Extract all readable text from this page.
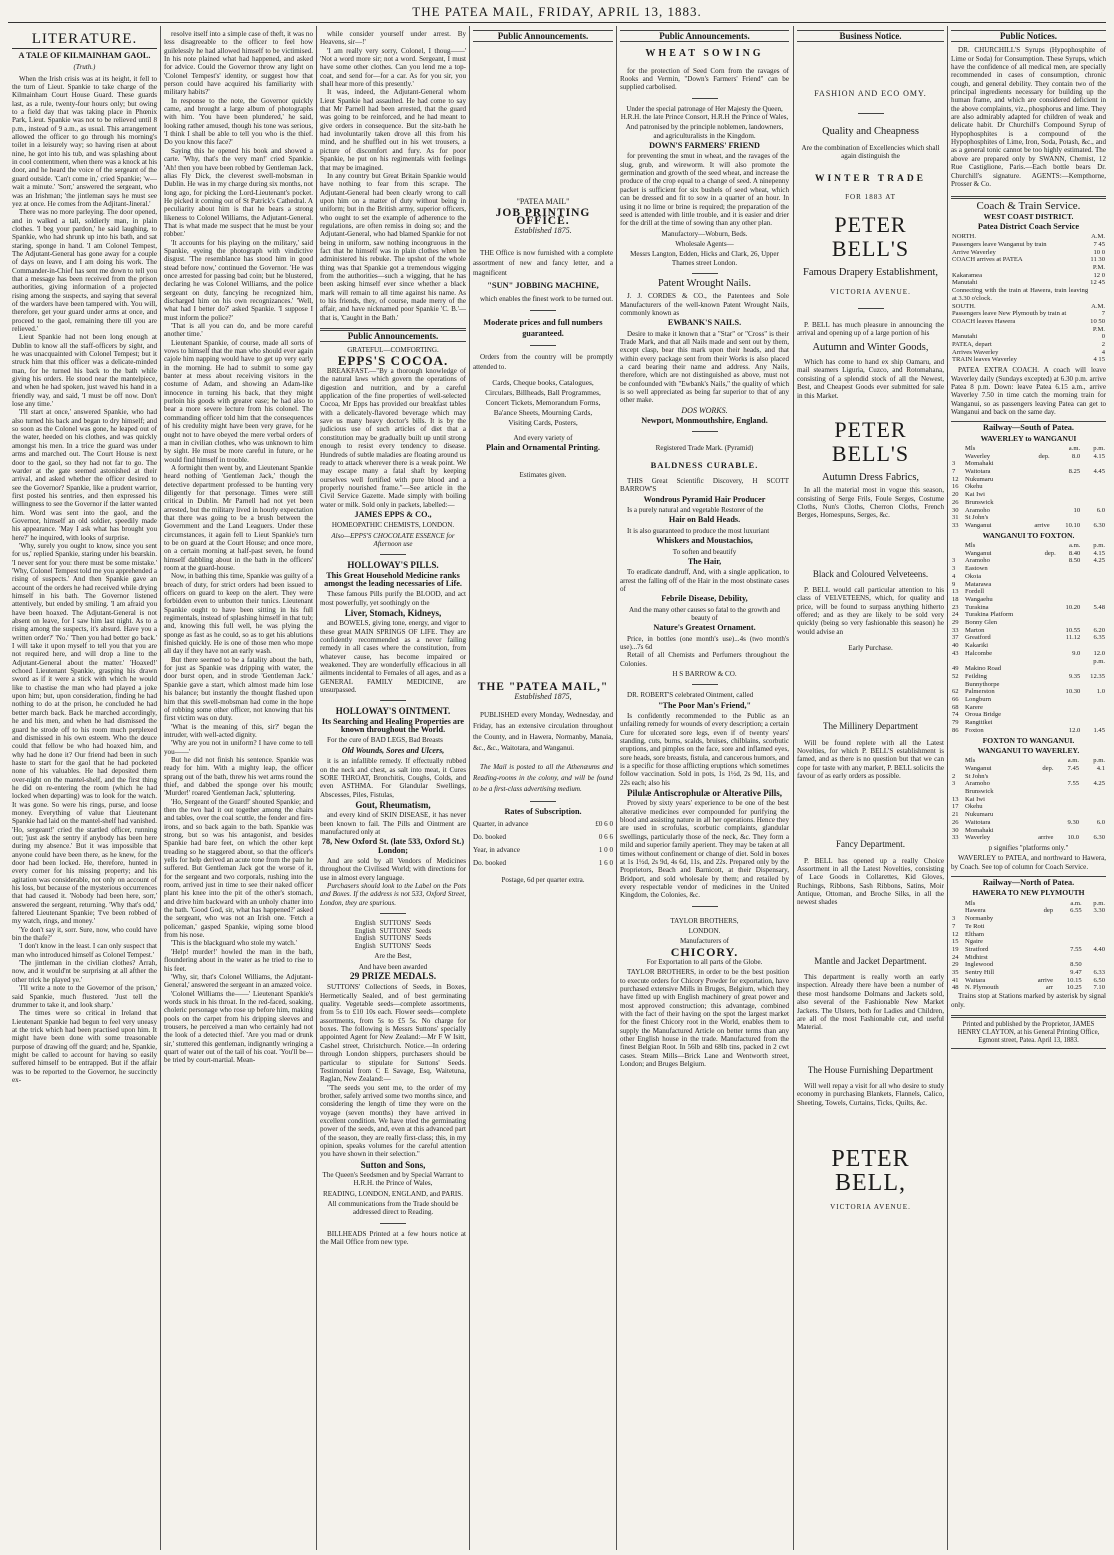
THE PATEA MAIL, FRIDAY, APRIL 13, 1883.
LITERATURE.
A TALE OF KILMAINHAM GAOL.
(Truth.)

When the Irish crisis was at its height, it fell to the turn of Lieut. Spankie to take charge of the Kilmainham Court House Guard. These guards last, as a rule, twenty-four hours only; but owing to a field day that was taking place in Phœnix Park, Lieut. Spankie was not to be relieved until 8 p.m., instead of 9 a.m., as usual. This arrangement allowed the officer to go through his morning's toilet in a leisurely way; so having risen at about nine, he got into his tub, and was splashing about in cool contentment, when there was a knock at his door, and he heard the voice of the sergeant of the guard outside. 'Can't come in,' cried Spankie; 'w—wait a minute.' 'Sorr,' answered the sergeant, who was an Irishman; 'the jintleman says he must see yez at once. He comes from the Adjitant-Jineral.'

There was no more parleying. The door opened, and in walked a tall, soldierly man, in plain clothes. 'I beg your pardon,' he said laughing, to Spankie, who had shrunk up into his bath, and sat staring, sponge in hand. 'I am Colonel Tempest, The Adjutant-General has gone away for a couple of days on leave, and I am doing his work. The Commander-in-Chief has sent me down to tell you that a message has been received from the prison authorities, giving information of a projected rising among the suspects, and saying that several of the warders have been tampered with. You will, therefore, get your guard under arms at once, and proceed to the gaol, remaining there till you are relieved.'

Lieut Spankie had not been long enough at Dublin to know all the staff-officers by sight, and he was unacquainted with Colonel Tempest; but it struck him that this officer was a delicate-minded man, for he turned his back to the bath while giving his orders. He stood near the mantelpiece, and when he had spoken, just waved his hand in a friendly way, and said, 'I must be off now. Don't lose any time.'

'I'll start at once,' answered Spankie, who had also turned his back and began to dry himself; and so soon as the Colonel was gone, he leaped out of the water, heeded on his clothes, and was quickly amongst his men. In a trice the guard was under arms and marched out. The Court House is next door to the gaol, so they had not far to go. The warder at the gate seemed astonished at their arrival, and asked whether the officer desired to see the Governor? Spankie, like a prudent warrior, first posted his sentries, and then expressed his willingness to see the Governor if the latter wanted him. Word was sent into the gaol, and the Governor, himself an old soldier, speedily made his appearance. 'May I ask what has brought you here?' he inquired, with looks of surprise.

'Why, surely you ought to know, since you sent for us,' replied Spankie, staring under his bearskin. 'I never sent for you: there must be some mistake.' 'Why, Colonel Tempest told me you apprehended a rising of suspects.' And then Spankie gave an account of the orders he had received while drying himself in his bath. The Governor listened attentively, but ended by smiling. 'I am afraid you have been hoaxed. The Adjutant-General is not absent on leave, for I saw him last night. As to a rising among the suspects, it's absurd. Have you a written order?' 'No.' 'Then you had better go back.' I will take it upon myself to tell you that you are not required here, and will drop a line to the Adjutant-General about the matter.' 'Hoaxed!' echoed Lieutenant Spankie, grasping his drawn sword as if it were a stick with which he would like to chastise the man who had played a joke upon him; but, upon consideration, finding he had nothing to do at the prison, he concluded he had better march back. Back he marched accordingly, he and his men, and when he had dismissed the guard he strode off to his room much perplexed and dismissed in his own esteem. Who the deuce could that fellow be who had hoaxed him, and why had he done it? Our friend had been in such haste to start for the gaol that he had pocketed none of his valuables. He had deposited them over-night on the mantel-shelf, and the first thing he did on re-entering the room (which he had locked when departing) was to look for the watch. It was gone. So were his rings, purse, and loose money. Everything of value that Lieutenant Spankie had laid on the mantel-shelf had vanished. 'Ho, sergeant!' cried the startled officer, running out; 'just ask the sentry if anybody has been here during my absence.' But it was impossible that anyone could have been there, as he knew, for the door had been locked. He, therefore, hunted in every corner for his missing property; and his agitation was considerable, not only on account of his loss, but because of the mysterious occurrences that had caused it. 'Nobody had been here, sorr,' answered the sergeant, returning. 'Why that's odd,' faltered Lieutenant Spankie; 'I've been robbed of my watch, rings, and money.'

'Ye don't say it, sorr. Sure, now, who could have bin the thafe?'

'I don't know in the least. I can only suspect that man who introduced himself as Colonel Tempest.'

'The jintleman in the civilian clothes? Arrah, now, and it would'nt be surprising at all afther the other trick he played ye.'

'I'll write a note to the Governor of the prison,' said Spankie, much flustered. 'Just tell the drummer to take it, and look sharp.'

The times were so critical in Ireland that Lieutenant Spankie had begun to feel very uneasy at the trick which had been practised upon him. It might have been done with some treasonable purpose of drawing off the guard; and he, Spankie, might be called to account for having so easily suffered himself to be entrapped. But if the affair was to be reported to the Governor, he succinctly ex-

resolve itself into a simple case of theft, it was no less disagreeable to the officer to feel how guilelessly he had allowed himself to be victimised. In his note plained what had happened, and asked for advice. Could the Governor throw any light on 'Colonel Tempest's' identity, or suggest how that person could have acquired his familiarity with military habits?'

In response to the note, the Governor quickly came, and brought a large album of photographs with him. 'You have been plundered,' he said, looking rather amused, though his tone was serious, 'I think I shall be able to tell you who is the thief. Do you know this face?'

Saying this he opened his book and showed a carte. 'Why, that's the very man!' cried Spankie. 'Ah! then you have been robbed by Gentleman Jack, alias Fly Dick, the cleverest swell-mobsman in Dublin. He was in my charge during six months, not long ago, for picking the Lord-Lieutenant's pocket. He picked it coming out of St Patrick's Cathedral. A peculiarity about him is that he bears a strong likeness to Colonel Williams, the Adjutant-General. That is what made me suspect that he must be your robber.'

'It accounts for his playing on the military,' said Spankie, eyeing the photograph with vindictive disgust. 'The resemblance has stood him in good stead before now,' continued the Governor. 'He was once arrested for passing bad coin; but he blustered, declaring he was Colonel Williams, and the police sergeant on duty, fancying he recognized him, discharged him on his own recognizances.' 'Well, what had I better do?' asked Spankie. 'I suppose I must inform the police?'

'That is all you can do, and be more careful another time.'

Lieutenant Spankie, of course, made all sorts of vows to himself that the man who should ever again cajole him napping would have to get up very early in the morning. He had to submit to some gay banter at mess about receiving visitors in the costume of Adam, and showing an Adam-like innocence in turning his back, that they might purloin his goods with greater ease; he had also to bear a more severe lecture from his colonel. The commanding officer told him that the consequences of his credulity might have been very grave, for he ought not to have obeyed the mere verbal orders of a man in civilian clothes, who was unknown to him by sight. He must be more careful in future, or he would find himself in trouble.

A fortnight then went by, and Lieutenant Spankie heard nothing of 'Gentleman Jack,' though the detective department professed to be hunting very diligently for that personage. Times were still critical in Dublin. Mr Parnell had not yet been arrested, but the military lived in hourly expectation that there was going to be a brush between the Government and the Land Leaguers. Under these circumstances, it again fell to Lieut Spankie's turn to be on guard at the Court House; and once more, on a certain morning at half-past seven, he found himself dabbling about in the bath in the officers' room at the guard-house.

Now, in bathing this time, Spankie was guilty of a breach of duty, for strict orders had been issued to officers on guard to keep on the alert. They were forbidden even to unbutton their tunics. Lieutenant Spankie ought to have been sitting in his full regimentals, instead of splashing himself in that tub; and, knowing this full well, he was plying the sponge as fast as he could, so as to get his ablutions finished quickly. He is one of those men who mope all day if they have not an early wash.

But there seemed to be a fatality about the bath, for just as Spankie was dripping with water, the door burst open, and in strode 'Gentleman Jack.' Spankie gave a start, which almost made him lose his balance; but instantly the thought flashed upon him that this swell-mobsman had come in the hope of robbing some other officer, not knowing that his first victim was on duty.

'What is the meaning of this, sir?' began the intruder, with well-acted dignity.

'Why are you not in uniform? I have come to tell you——'

But he did not finish his sentence. Spankie was ready for him. With a mighty leap, the officer sprang out of the bath, threw his wet arms round the thief, and dabbed the sponge over his mouth; 'Murder!' roared 'Gentleman Jack,' spluttering.

'Ho, Sergeant of the Guard!' shouted Spankie; and then the two had it out together among the chairs and tables, over the coal scuttle, the fender and fire-irons, and so back again to the bath. Spankie was strong, but so was his antagonist, and besides Spankie had bare feet, on which the other kept treading so he staggered about, so that the officer's yells for help derived an acute tone from the pain he suffered. But Gentleman Jack got the worse of it, for the sergeant and two corporals, rushing into the room, arrived just in time to see their naked officer plant his knee into the pit of the other's stomach, and drive him backward with an unholy chatter into the bath. 'Good God, sir, what has happened?' asked the sergeant, who was not an Irish one. 'Fetch a policeman,' gasped Spankie, wiping some blood from his nose.

'This is the blackguard who stole my watch.'

'Help! murder!' howled the man in the bath, floundering about in the water as he tried to rise to his feet.

'Why, sir, that's Colonel Williams, the Adjutant-General,' answered the sergeant in an amazed voice.

'Colonel Williams the——' Lieutenant Spankie's words stuck in his throat. In the red-faced, soaking, choleric personage who rose up before him, making pools on the carpet from his dripping sleeves and trousers, he perceived a man who certainly had not the look of a detected thief. 'Are you mad or drunk sir,' stuttered this gentleman, indignantly wringing a quart of water out of the tail of his coat. 'You'll be—be tried by court-martial. Mean-

while consider yourself under arrest. By Heavens, sir—!'

'I am really very sorry, Colonel, I thoug——' 'Not a word more sir; not a word. Sergeant, I must have some other clothes. Can you lend me a top-coat, and send for—for a car. As for you sir, you shall hear more of this presently.'

It was, indeed, the Adjutant-General whom Lieut Spankie had assaulted. He had come to say that Mr Parnell had been arrested, that the guard was going to be reinforced, and he had meant to give orders in consequence. But the sitz-bath he had involuntarily taken drove all this from his mind, and he shuffled out in his wet trousers, a picture of discomfort and fury. As for poor Spankie, he put on his regimentals with feelings that may be imagined.

In any country but Great Britain Spankie would have nothing to fear from this scrape. The Adjutant-General had been clearly wrong to call upon him on a matter of duty without being in uniform; but in the British army, superior officers, who ought to set the example of adherence to the regulations, are often remiss in doing so; and the Adjutant-General, who had blamed Spankie for not being in uniform, saw nothing incongruous in the fact that he himself was in plain clothes when he administered his rebuke. The upshot of the whole thing was that Spankie got a tremendous wigging from the authorities—such a wigging, that he has been asking himself ever since whether a black mark will remain to all time against his name. As to his friends, they, of course, made merry of the affair, and have nicknamed poor Spankie 'C. B.'—that is, 'Caught in the Bath.'

Public Announcements.
GRATEFUL—COMFORTING.
EPPS'S COCOA.

BREAKFAST.—"By a thorough knowledge of the natural laws which govern the operations of digestion and nutrition, and by a careful application of the fine properties of well-selected Cocoa, Mr Epps has provided our breakfast tables with a delicately-flavored beverage which may save us many heavy doctor's bills. It is by the judicious use of such articles of diet that a constitution may be gradually built up until strong enough to resist every tendency to disease. Hundreds of subtle maladies are floating around us ready to attack wherever there is a weak point. We may escape many a fatal shaft by keeping ourselves well fortified with pure blood and a properly nourished frame."—See article in the Civil Service Gazette. Made simply with boiling water or milk. Sold only in packets, labelled:—

JAMES EPPS & CO.,
HOMEOPATHIC CHEMISTS, LONDON.
Also—EPPS'S CHOCOLATE ESSENCE for Afternoon use
HOLLOWAY'S PILLS.
This Great Household Medicine ranks amongst the leading necessaries of Life.

These famous Pills purify the BLOOD, and act most powerfully, yet soothingly on the

Liver, Stomach, Kidneys,

and BOWELS, giving tone, energy, and vigor to these great MAIN SPRINGS OF LIFE. They are confidently recommended as a never failing remedy in all cases where the constitution, from whatever cause, has become impaired or weakened. They are wonderfully efficacious in all ailments incidental to Females of all ages, and as a GENERAL FAMILY MEDICINE, are unsurpassed.

HOLLOWAY'S OINTMENT.
Its Searching and Healing Properties are known throughout the World.

For the cure of BAD LEGS, Bad Breasts

Old Wounds, Sores and Ulcers,

it is an infallible remedy. If effectually rubbed on the neck and chest, as salt into meat, it Cures SORE THROAT, Bronchitis, Coughs, Colds, and even ASTHMA. For Glandular Swellings, Abscesses, Piles, Fistulas,

Gout, Rheumatism,

and every kind of SKIN DISEASE, it has never been known to fail. The Pills and Ointment are manufactured only at

78, New Oxford St. (late 533, Oxford St.) London;

And are sold by all Vendors of Medicines throughout the Civilised World; with directions for use in almost every language.

Purchasers should look to the Label on the Pots and Boxes. If the address is not 533, Oxford Street, London, they are spurious.

English
English
English
English
SUTTONS'
SUTTONS'
SUTTONS'
SUTTONS'
Seeds
Seeds
Seeds
Seeds
Are the Best,
And have been awarded
29 PRIZE MEDALS.

SUTTONS' Collections of Seeds, in Boxes, Hermetically Sealed, and of best germinating quality. Vegetable seeds—complete assortments, from 5s to £10 10s each. Flower seeds—complete assortments, from 5s to £5 5s. No charge for boxes. The following is Messrs Suttons' specially appointed Agent for New Zealand:—Mr F W Isitt, Cashel street, Christchurch. Notice.—In ordering through London shippers, purchasers should be particular to stipulate for Suttons' Seeds. Testimonial from C E Savage, Esq, Waitetuna, Raglan, New Zealand:—

"The seeds you sent me, to the order of my brother, safely arrived some two months since, and considering the length of time they were on the voyage (seven months) they have arrived in excellent condition. We have tried the germinating power of the seeds, and, even at this advanced part of the season, they are really first-class; this, in my opinion, speaks volumes for the careful attention you have shown in their selection."

Sutton and Sons,
The Queen's Seedsmen and by Special Warrant to H.R.H. the Prince of Wales,
READING, LONDON, ENGLAND, and PARIS.
All communications from the Trade should be addressed direct to Reading.

BILLHEADS Printed at a few hours notice at the Mail Office from new type.

Public Announcements.
"PATEA MAIL"
JOB PRINTING OFFICE.
Established 1875.

THE Office is now furnished with a complete assortment of new and fancy letter, and a magnificent

"SUN" JOBBING MACHINE,

which enables the finest work to be turned out.

Moderate prices and full numbers guaranteed.

Orders from the country will be promptly attended to.

Cards, Cheque books, Catalogues,
Circulars, Billheads, Ball Programmes,
Concert Tickets, Memorandum Forms,
Ba'ance Sheets, Mourning Cards,
Visiting Cards, Posters,
And every variety of
Plain and Ornamental Printing.
Estimates given.
THE "PATEA MAIL,"
Established 1875,

PUBLISHED every Monday, Wednesday, and Friday, has an extensive circulation throughout the County, and in Hawera, Normanby, Manaia, &c., &c., Waitotara, and Wanganui.

The Mail is posted to all the Athenæums and Reading-rooms in the colony, and will be found to be a first-class advertising medium.

Rates of Subscription.
Quarter, in advance	£0 6 0
Do. booked	0 6 6
Year, in advance	1 0 0
Do. booked	1 6 0
Postage, 6d per quarter extra.
Public Announcements.
WHEAT SOWING

for the protection of Seed Corn from the ravages of Rooks and Vermin, "Down's Farmers' Friend" can be supplied carbolised.

Under the special patronage of Her Majesty the Queen, H.R.H. the late Prince Consort, H.R.H the Prince of Wales,
And patronised by the principle noblemen, landowners, and agriculturalists in the Kingdom.
DOWN'S FARMERS' FRIEND

for preventing the smut in wheat, and the ravages of the slug, grub, and wireworm. It will also promote the germination and growth of the seed wheat, and increase the produce of the crop equal to a change of seed. A ninepenny packet is sufficient for six bushels of seed wheat, which can be dressed and fit to sow in a quarter of an hour. In using it no lime or brine is required; the preparation of the seed is attended with little trouble, and it is easier and drier for the drill at the time of sowing than any other plan.

Manufactory—Woburn, Beds.
Wholesale Agents—
Messrs Langton, Edden, Hicks and Clark, 26, Upper Thames street London.
Patent Wrought Nails.

J. J. CORDES & CO., the Patentees and Sole Manufacturers of the well-known Patent Wrought Nails, commonly known as

EWBANK'S NAILS.

Desire to make it known that a "Star" or "Cross" is their Trade Mark, and that all Nails made and sent out by them, except clasp, bear this mark upon their heads, and that within every package sent from their Works is also placed a card bearing their name and address. Any Nails, therefore, which are not distinguished as above, must not be confounded with "Ewbank's Nails," the quality of which is so well appreciated as being far superior to that of any other make.

DOS WORKS.
Newport, Monmouthshire, England.
Registered Trade Mark. (Pyramid)
BALDNESS CURABLE.

THIS Great Scientific Discovery, H SCOTT BARROW'S

Wondrous Pyramid Hair Producer

Is a purely natural and vegetable Restorer of the

Hair on Bald Heads.

It is also guaranteed to produce the most luxuriant

Whiskers and Moustachios,
To soften and beautify
The Hair,

To eradicate dandruff, And, with a single application, to arrest the falling off of the Hair in the most obstinate cases of

Febrile Disease, Debility,
And the many other causes so fatal to the growth and beauty of
Nature's Greatest Ornament.

Price, in bottles (one month's use)...4s (two month's use)...7s 6d

Retail of all Chemists and Perfumers throughout the Colonies.

H S BARROW & CO.

DR. ROBERT'S celebrated Ointment, called

"The Poor Man's Friend,"

Is confidently recommended to the Public as an unfailing remedy for wounds of every description; a certain Cure for ulcerated sore legs, even if of twenty years' standing, cuts, burns, scalds, bruises, chilblains, scorbutic eruptions, and pimples on the face, sore and inflamed eyes, sore heads, sore breasts, fistula, and cancerous humors, and is a specific for those afflicting eruptions which sometimes follow vaccination. Sold in pots, 1s 1½d, 2s 9d, 11s, and 22s each; also his

Pilulæ Antiscrophulæ or Alterative Pills,

Proved by sixty years' experience to be one of the best alterative medicines ever compounded for purifying the blood and assisting nature in all her operations. Hence they are used in scrofulas, scorbutic complaints, glandular swellings, particularly those of the neck, &c. They form a mild and superior family aperient. They may be taken at all times without confinement or change of diet. Sold in boxes at 1s 1½d, 2s 9d, 4s 6d, 11s, and 22s. Prepared only by the Proprietors, Beach and Barnicott, at their Dispensary, Bridport, and sold wholesale by them; and retailed by every respectable vendor of medicines in the United Kingdom, the Colonies, &c.

TAYLOR BROTHERS,
LONDON.
Manufacturers of
CHICORY.
For Exportation to all parts of the Globe.

TAYLOR BROTHERS, in order to be the best position to execute orders for Chicory Powder for exportation, have purchased extensive Mills in Bruges, Belgium, which they have fitted up with English machinery of great power and most approved construction; this advantage, combined with the fact of their having on the spot the largest market for the finest Chicory root in the World, enables them to supply the Manufactured Article on better terms than any other English house in the trade. Manufactured from the finest Belgian Root. In 56lb and 68lb tins, packed in 2 cwt cases. Steam Mills—Brick Lane and Wentworth street, London; and Bruges Belgium.

Business Notice.
FASHION AND ECO OMY.
Quality and Cheapness
Are the combination of Excellencies which shall again distinguish the
WINTER TRADE
FOR 1883 AT
PETER BELL'S
Famous Drapery Establishment,
VICTORIA AVENUE.

P. BELL has much pleasure in announcing the arrival and opening up of a large portion of his

Autumn and Winter Goods,

Which has come to hand ex ship Oamaru, and mail steamers Liguria, Cuzco, and Rotomahana, consisting of a splendid stock of all the Newest, Best, and Cheapest Goods ever submitted for sale in this Market.

PETER BELL'S
Autumn Dress Fabrics,

In all the material most in vogue this season, consisting of Serge Frils, Foule Serges, Costume Cloths, Nun's Cloths, Cherron Cloths, French Berges, Homespuns, Serges, &c.

Black and Coloured Velveteens.

P. BELL would call particular attention to his class of VELVETEENS, which, for quality and price, will be found to surpass anything hitherto offered; and as they are likely to be sold very quickly (being so very fashionable this season) he would advise an

Early Purchase.
The Millinery Department

Will be found replete with all the Latest Novelties, for which P. BELL'S establishment is famed, and as there is no question but that we can cope for taste with any market, P. BELL solicits the favour of as early orders as possible.

Fancy Department.

P. BELL has opened up a really Choice Assortment in all the Latest Novelties, consisting of Lace Goods in Collarettes, Kid Gloves, Ruchings, Ribbons, Sash Ribbons, Satins, Moir Antique, Ottoman, and Broche Silks, in all the newest shades

Mantle and Jacket Department.

This department is really worth an early inspection. Already there have been a number of these most handsome Dolmans and Jackets sold, also several of the Fashionable New Market Jackets. The Ulsters, both for Ladies and Children, are all of the most Fashionable cut, and useful Material.

The House Furnishing Department

Will well repay a visit for all who desire to study economy in purchasing Blankets, Flannels, Calico, Sheeting, Towels, Curtains, Ticks, Quilts, &c.

PETER BELL,
VICTORIA AVENUE.
Public Notices.

DR. CHURCHILL'S Syrups (Hypophosphite of Lime or Soda) for Consumption. These Syrups, which have the confidence of all medical men, are specially recommended in cases of consumption, chronic cough, and general debility. They contain two of the principal ingredients necessary for building up the human frame, and which are considered deficient in the above complaints, viz., phosphorus and lime. They are also admirably adapted for children of weak and delicate habit. Dr Churchill's Compound Syrup of Hypophosphites is a compound of the Hypophosphites of Lime, Iron, Soda, Potash, &c., and as a general tonic cannot be too highly estimated. The above are prepared only by SWANN, Chemist, 12 Rue Castiglione, Paris.—Each bottle bears Dr. Churchill's signature. AGENTS:—Kempthorne, Prosser & Co.

Coach & Train Service.
WEST COAST DISTRICT.
Patea District Coach Service
NORTH.	A.M.
Passengers leave Wanganui by train	7 45
Arrive Waverley	10 0
COACH arrives at PATEA	11 30
	P.M.
Kakaramea	12 0
Manutahi	12 45
Connecting with the train at Hawera, train leaving at 3.30 o'clock.	
SOUTH.	A.M.
Passengers leave New Plymouth by train at	7
COACH leaves Hawera	10 50
	P.M.
Manutahi	0
PATEA, depart	2
Arrives Waverley	4
TRAIN leaves Waverley	4 15

PATEA EXTRA COACH. A coach will leave Waverley daily (Sundays excepted) at 6.30 p.m. arrive Patea 8 p.m. Down: leave Patea 6.15 a.m., arrive Waverley 7.50 in time catch the morning train for Wanganui, so as passengers leaving Patea can get to Wanganui and back on the same day.

Railway—South of Patea.
WAVERLEY to WANGANUI
	Mls		a.m.	p.m.
	Waverley	dep.	8.0	4.15
3	Momahaki			
7	Waitotara		8.25	4.45
12	Nukumaru			
16	Okehu			
20	Kai Iwi			
26	Brunswick			
30	Aramoho		10	6.0
31	St John's			
33	Wanganui	arrive	10.10	6.30
WANGANUI TO FOXTON.
	Mls		a.m.	p.m.
	Wanganui	dep.	8.40	4.15
3	Aramoho		8.50	4.25
3	Eastown			
4	Okoia			
9	Matarawa			
13	Fordell			
18	Wangaehu			
23	Turakina		10.20	5.48
24	Turakina Platform			
29	Bonny Glen			
33	Marton		10.55	6.20
37	Greatford		11.12	6.35
40	Kakariki			
43	Halcombe		9.0	12.0
				p.m.
49	Makino Road			
52	Feilding		9.35	12.35
	Bunnythorpe			
62	Palmerston		10.30	1.0
66	Longburn			
68	Karere			
74	Oroua Bridge			
79	Rangitikei			
86	Foxton		12.0	1.45
FOXTON TO WANGANUI.
WANGANUI TO WAVERLEY.
	Mls		a.m.	p.m.
	Wanganui	dep.	7.45	4.1
2	St John's			
3	Aramoho		7.55	4.25
	Brunswick			
13	Kai Iwi			
17	Okehu			
21	Nukumaru			
26	Waitotara		9.30	6.0
30	Momahaki			
33	Waverley	arrive	10.0	6.30
p signifies "platforms only."

WAVERLEY to PATEA, and northward to Hawera, by Coach. See top of column for Coach Service.

Railway—North of Patea.
HAWERA TO NEW PLYMOUTH
	Mls		a.m.	p.m.
	Hawera	dep	6.55	3.30
3	Normanby			
7	Te Roti			
12	Eltham			
15	Ngaire			
19	Stratford		7.55	4.40
24	Midhirst			
29	Inglewood		8.50	
35	Sentry Hill		9.47	6.33
41	Waitara	arrive	10.15	6.50
48	N. Plymouth	arr	10.25	7.10

Trains stop at Stations marked by asterisk by signal only.

Printed and published by the Proprietor, JAMES HENRY CLAYTON, at his General Printing Office, Egmont street, Patea. April 13, 1883.
